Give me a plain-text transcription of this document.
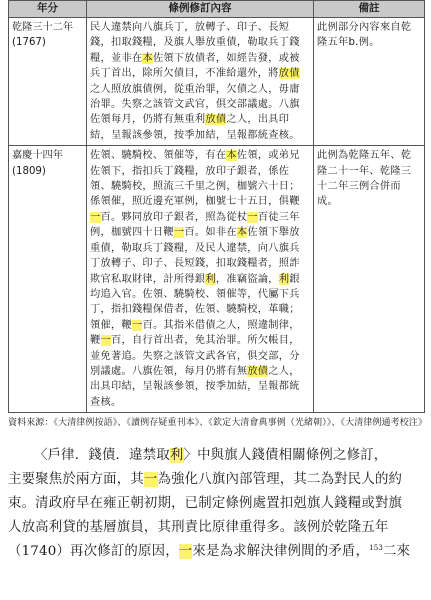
年分	條例修訂內容	備註

乾隆三十二年
(1767)	民人違禁向八旗兵丁，放轉子、印子、長短錢，扣取錢糧，及旗人舉放重債，勒取兵丁錢糧，並非在本佐領下放債者，如經告發，或被兵丁首出，除所欠債目，不准給還外，將放債之人照放旗債例，從重治罪，欠債之人，毋庸治罪。失察之該管文武官，俱交部議處。八旗佐領每月，仍將有無重利放債之人，出具印結，呈報該參領，按季加結，呈報都統查核。	此例部分內容來自乾隆五年b.例。

嘉慶十四年
(1809)	佐領、驍騎校、領催等，有在本佐領，或弟兄佐領下，指扣兵丁錢糧，放印子銀者，係佐領、驍騎校，照流三千里之例，枷號六十日；係領催，照近邊充軍例，枷號七十五日，俱鞭一百。夥同放印子銀者，照為從杖一百徒三年例，枷號四十日鞭一百。如非在本佐領下舉放重債，勒取兵丁錢糧，及民人違禁，向八旗兵丁放轉子、印子、長短錢，扣取錢糧者，照詐欺官私取財律，計所得銀利，准竊盜論，利銀均追入官。佐領、驍騎校、領催等，代屬下兵丁，指扣錢糧保借者，佐領、驍騎校，革職；領催，鞭一百。其指米借債之人，照違制律，鞭一百，自行首出者，免其治罪。所欠帳目，並免著追。失察之該管文武各官，俱交部，分別議處。八旗佐領，每月仍將有無放債之人，出具印結，呈報該參領，按季加結，呈報都統查核。	此例為乾隆五年、乾隆二十一年、乾隆三十二年三例合併而成。
資料來源：《大清律例按語》、《讀例存疑重刊本》、《欽定大清會典事例（光緒朝）》、《大清律例通考校注》
〈戶律．錢債．違禁取利〉中與旗人錢債相關條例之修訂，
主要聚焦於兩方面，其一為強化八旗內部管理，其二為對民人的約
束。清政府早在雍正朝初期，已制定條例處置扣剋旗人錢糧或對旗
人放高利貸的基層旗員，其刑責比原律重得多。該例於乾隆五年
（1740）再次修訂的原因，一來是為求解決律例間的矛盾，$^{153}$二來
